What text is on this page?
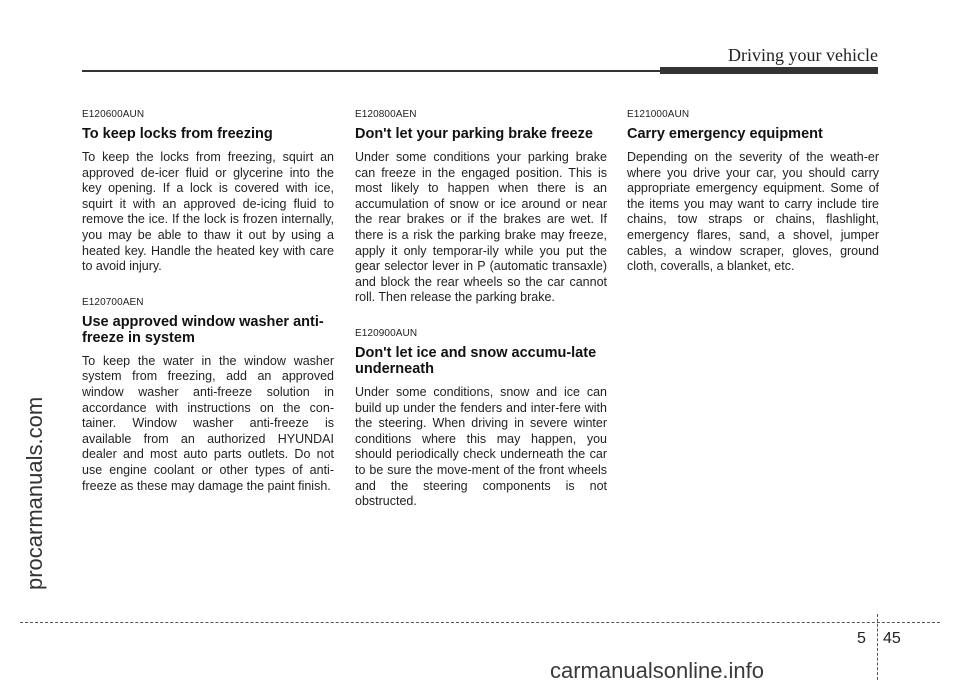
Driving your vehicle
procarmanuals.com

E120600AUN

To keep locks from freezing

To keep the locks from freezing, squirt an approved de-icer fluid or glycerine into the key opening. If a lock is covered with ice, squirt it with an approved de-icing fluid to remove the ice. If the lock is frozen internally, you may be able to thaw it out by using a heated key. Handle the heated key with care to avoid injury.

E120700AEN

Use approved window washer anti-freeze in system

To keep the water in the window washer system from freezing, add an approved window washer anti-freeze solution in accordance with instructions on the con-tainer. Window washer anti-freeze is available from an authorized HYUNDAI dealer and most auto parts outlets. Do not use engine coolant or other types of anti-freeze as these may damage the paint finish.

E120800AEN

Don't let your parking brake freeze

Under some conditions your parking brake can freeze in the engaged position. This is most likely to happen when there is an accumulation of snow or ice around or near the rear brakes or if the brakes are wet. If there is a risk the parking brake may freeze, apply it only temporar-ily while you put the gear selector lever in P (automatic transaxle) and block the rear wheels so the car cannot roll. Then release the parking brake.

E120900AUN

Don't let ice and snow accumu-late underneath

Under some conditions, snow and ice can build up under the fenders and inter-fere with the steering. When driving in severe winter conditions where this may happen, you should periodically check underneath the car to be sure the move-ment of the front wheels and the steering components is not obstructed.

E121000AUN

Carry emergency equipment

Depending on the severity of the weath-er where you drive your car, you should carry appropriate emergency equipment. Some of the items you may want to carry include tire chains, tow straps or chains, flashlight, emergency flares, sand, a shovel, jumper cables, a window scraper, gloves, ground cloth, coveralls, a blanket, etc.

5 45
carmanualsonline.info
